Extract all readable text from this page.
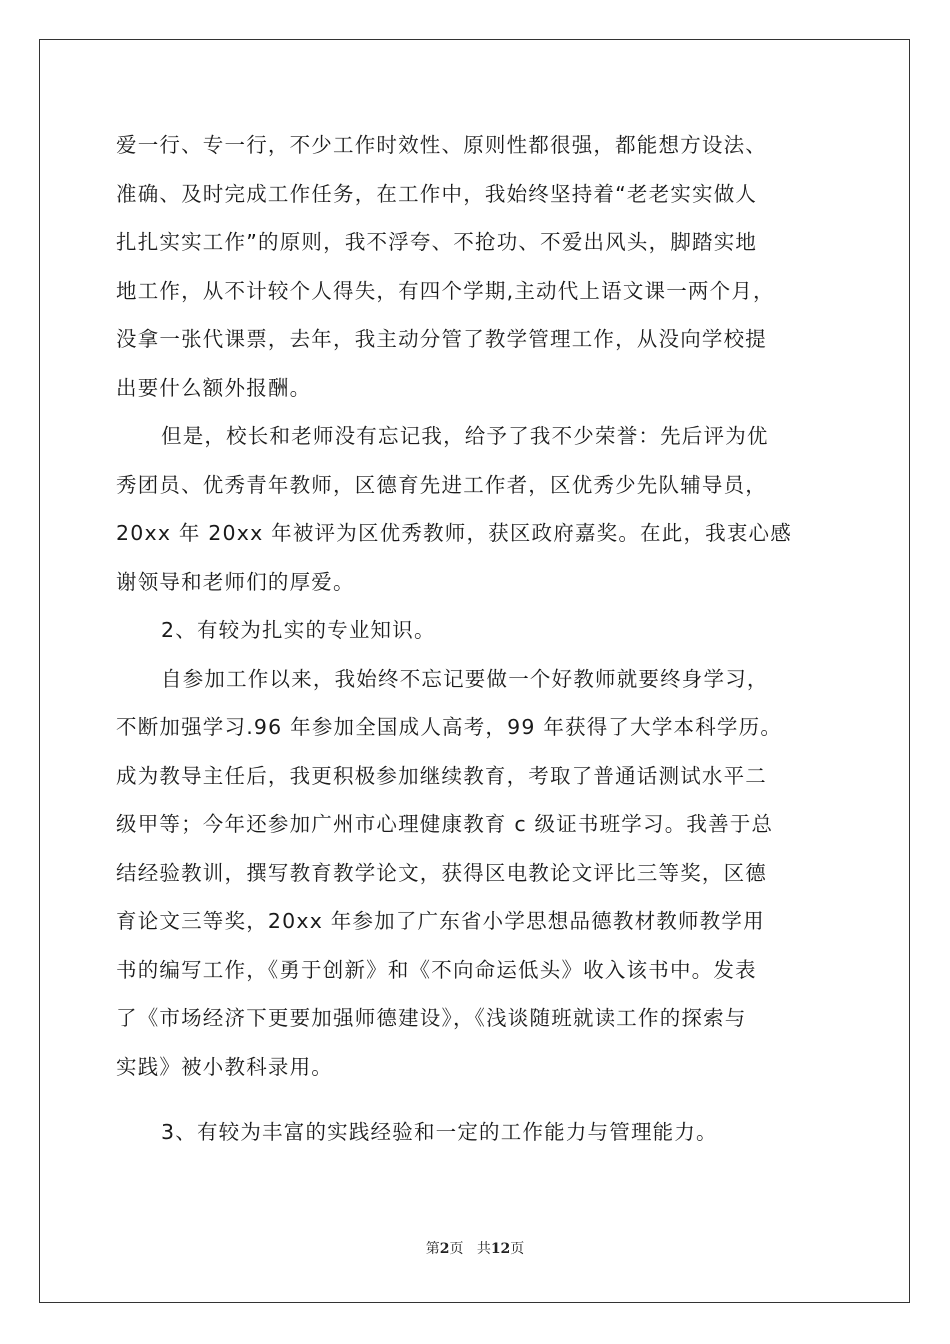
爱一行、专一行，不少工作时效性、原则性都很强，都能想方设法、
准确、及时完成工作任务，在工作中，我始终坚持着“老老实实做人
扎扎实实工作”的原则，我不浮夸、不抢功、不爱出风头，脚踏实地
地工作，从不计较个人得失，有四个学期,主动代上语文课一两个月，
没拿一张代课票，去年，我主动分管了教学管理工作，从没向学校提
出要什么额外报酬。
但是，校长和老师没有忘记我，给予了我不少荣誉：先后评为优
秀团员、优秀青年教师，区德育先进工作者，区优秀少先队辅导员，
20xx 年 20xx 年被评为区优秀教师，获区政府嘉奖。在此，我衷心感
谢领导和老师们的厚爱。
2、有较为扎实的专业知识。
自参加工作以来，我始终不忘记要做一个好教师就要终身学习，
不断加强学习.96 年参加全国成人高考，99 年获得了大学本科学历。
成为教导主任后，我更积极参加继续教育，考取了普通话测试水平二
级甲等；今年还参加广州市心理健康教育 c 级证书班学习。我善于总
结经验教训，撰写教育教学论文，获得区电教论文评比三等奖，区德
育论文三等奖，20xx 年参加了广东省小学思想品德教材教师教学用
书的编写工作，《勇于创新》和《不向命运低头》收入该书中。发表
了《市场经济下更要加强师德建设》，《浅谈随班就读工作的探索与
实践》被小教科录用。
3、有较为丰富的实践经验和一定的工作能力与管理能力。
第2页 共12页
